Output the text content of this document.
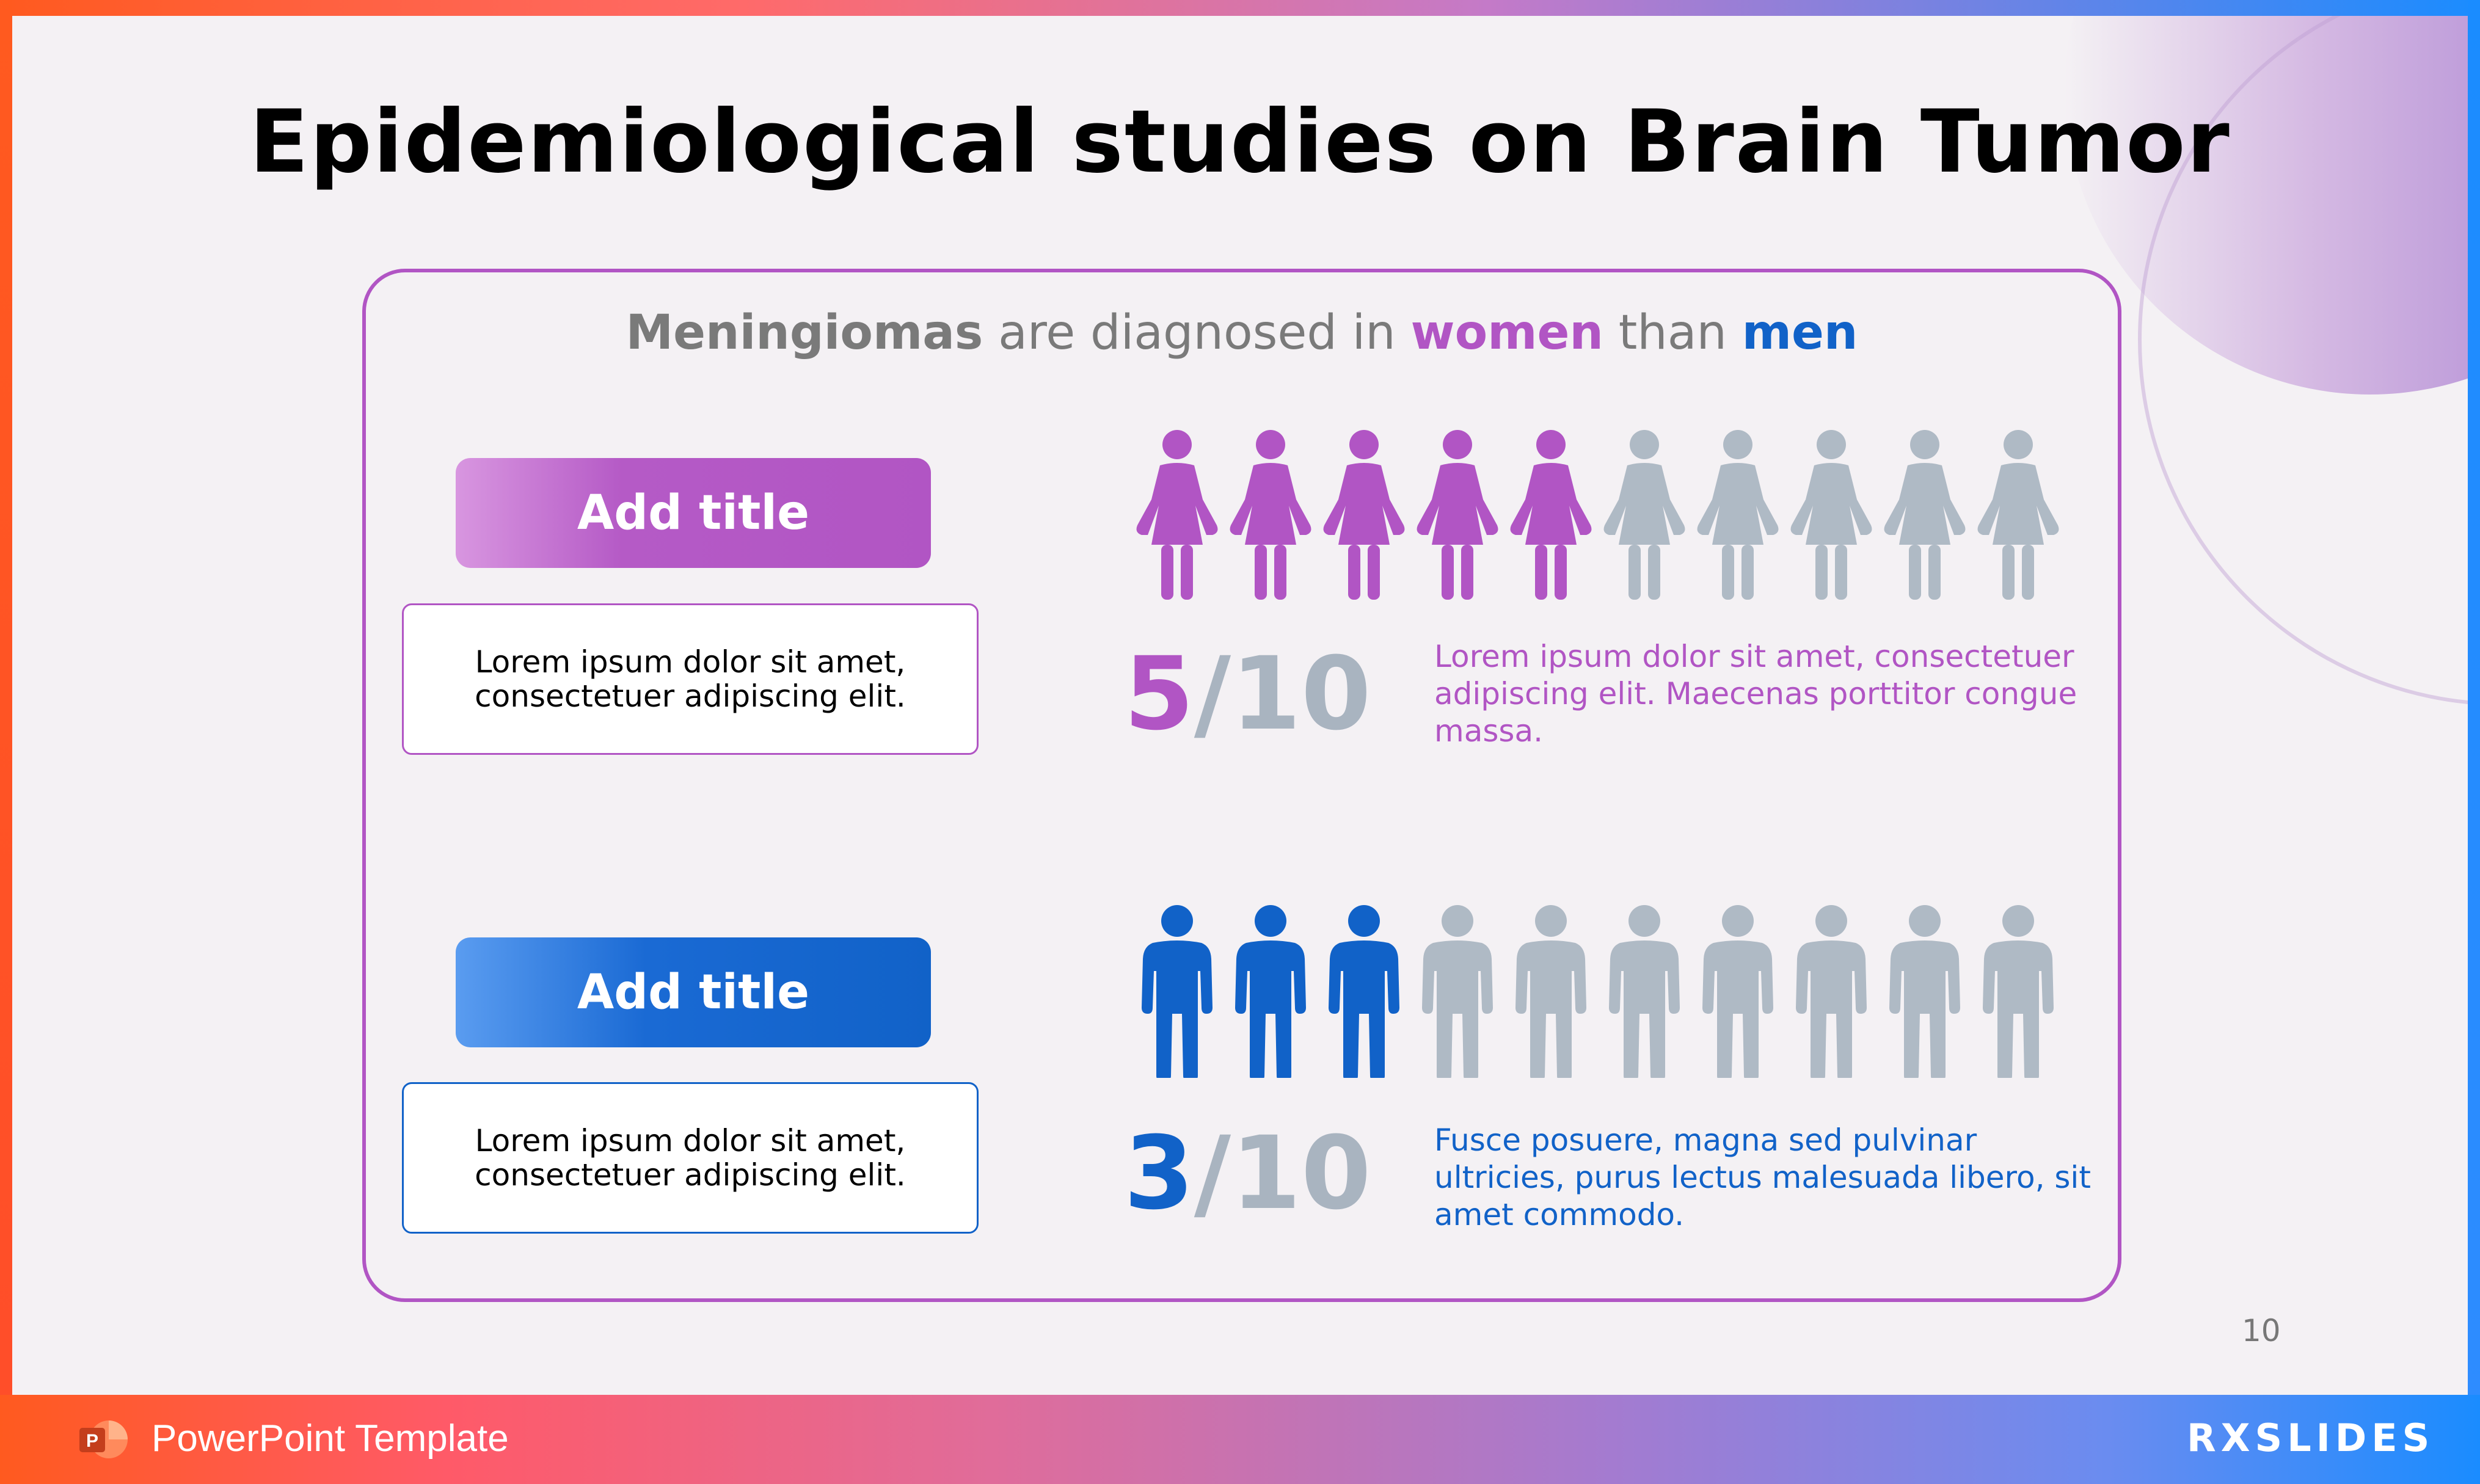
Epidemiological studies on Brain Tumor
Meningiomas are diagnosed in women than men
Add title
Lorem ipsum dolor sit amet, consectetuer adipiscing elit.
Add title
Lorem ipsum dolor sit amet, consectetuer adipiscing elit.
5/10 Lorem ipsum dolor sit amet, consectetuer adipiscing elit. Maecenas porttitor congue massa.
3/10 Fusce posuere, magna sed pulvinar ultricies, purus lectus malesuada libero, sit amet commodo.
10
P PowerPoint Template	RXSLIDES
